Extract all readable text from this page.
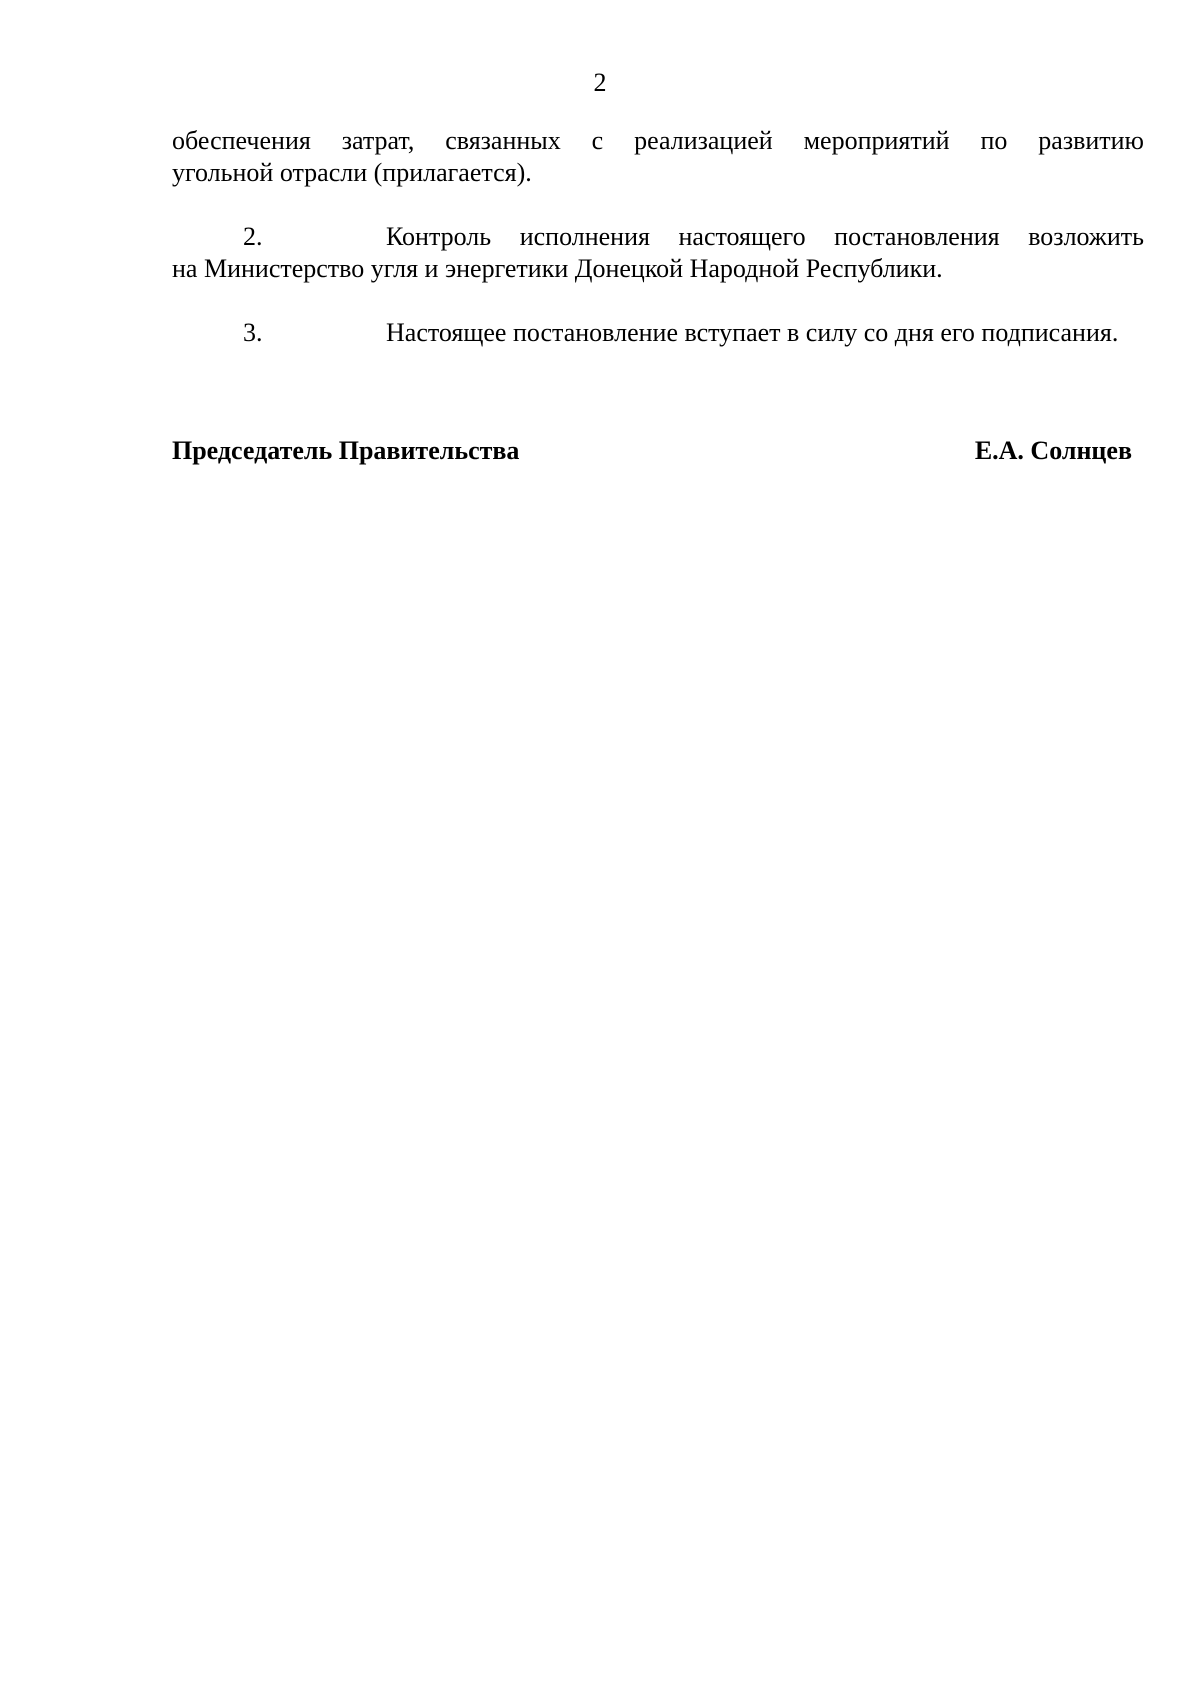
2
обеспечения затрат, связанных с реализацией мероприятий по развитию
угольной отрасли (прилагается).
2.	Контроль исполнения настоящего постановления возложить
на Министерство угля и энергетики Донецкой Народной Республики.
3.	Настоящее постановление вступает в силу со дня его подписания.
Председатель Правительства	Е.А. Солнцев
